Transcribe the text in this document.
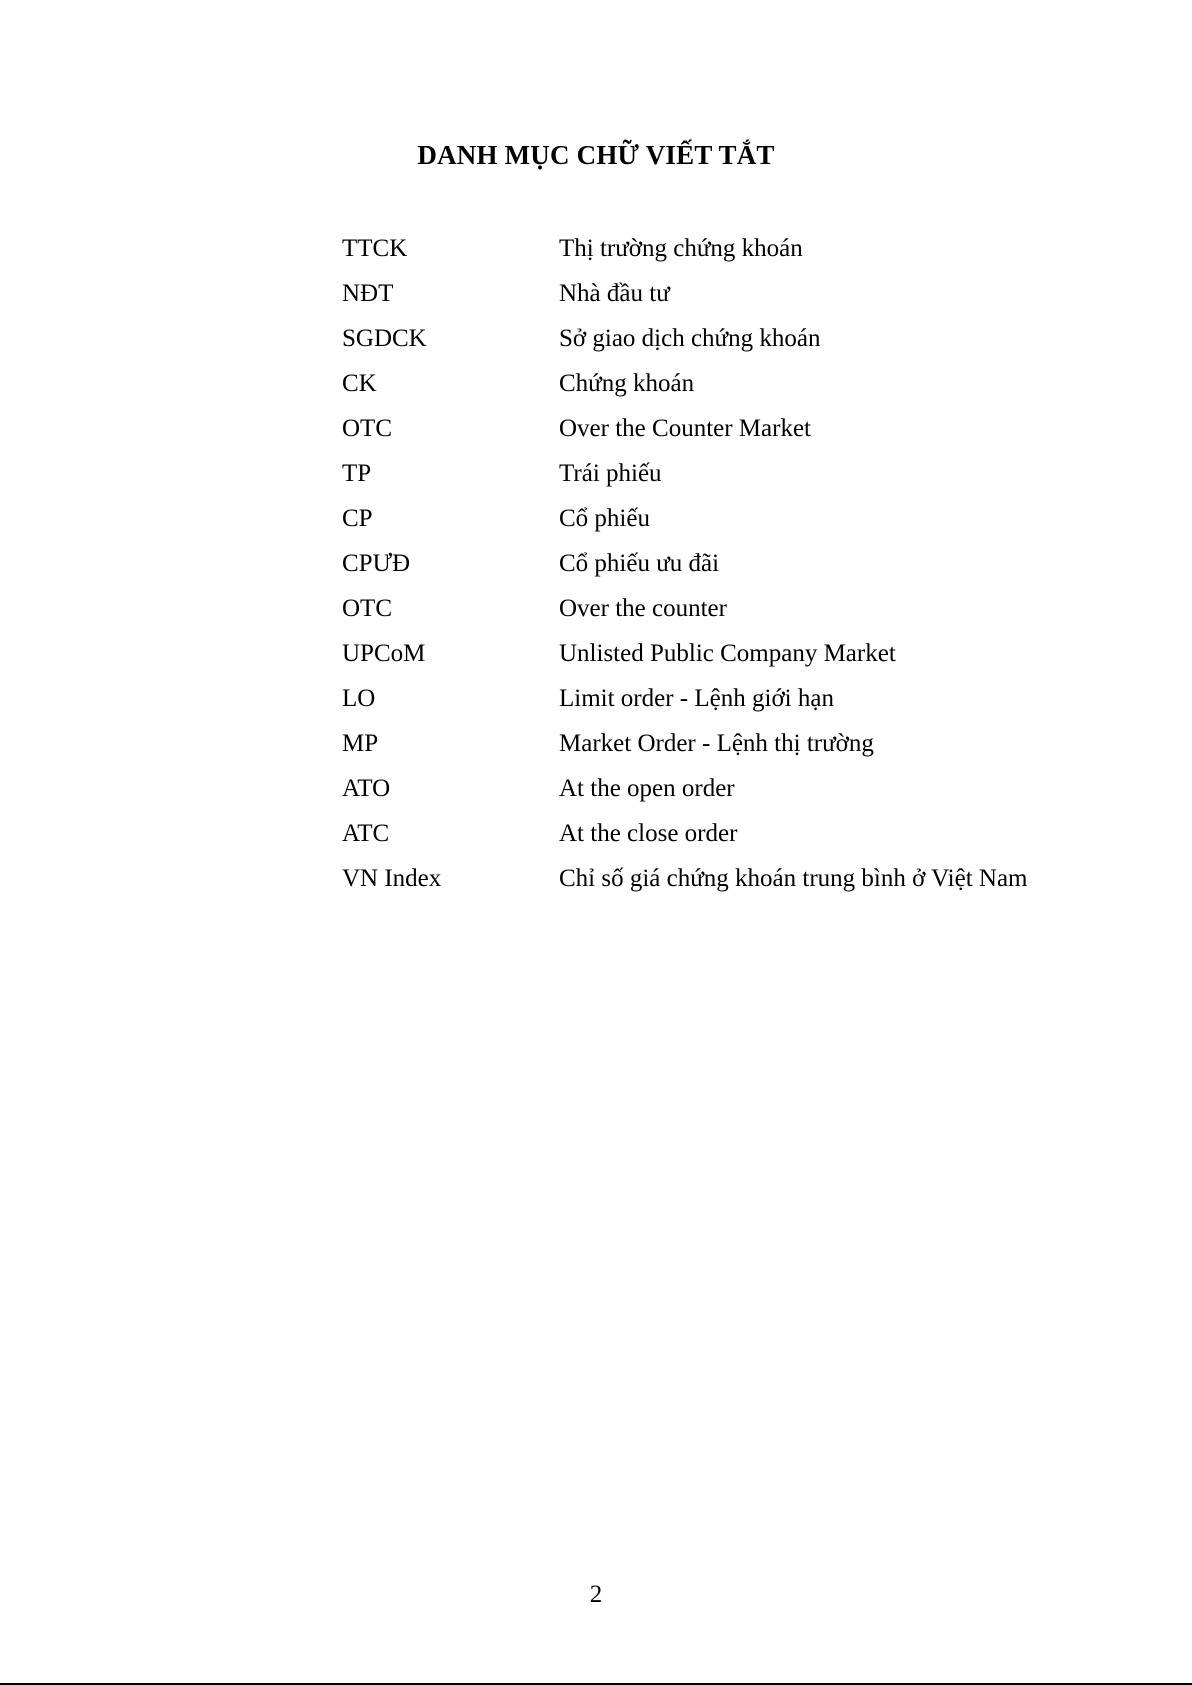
DANH MỤC CHỮ VIẾT TẮT
TTCK	Thị trường chứng khoán
NĐT	Nhà đầu tư
SGDCK	Sở giao dịch chứng khoán
CK	Chứng khoán
OTC	Over the Counter Market
TP	Trái phiếu
CP	Cổ phiếu
CPƯĐ	Cổ phiếu ưu đãi
OTC	Over the counter
UPCoM	Unlisted Public Company Market
LO	Limit order - Lệnh giới hạn
MP	Market Order - Lệnh thị trường
ATO	At the open order
ATC	At the close order
VN Index	Chỉ số giá chứng khoán trung bình ở Việt Nam
2
